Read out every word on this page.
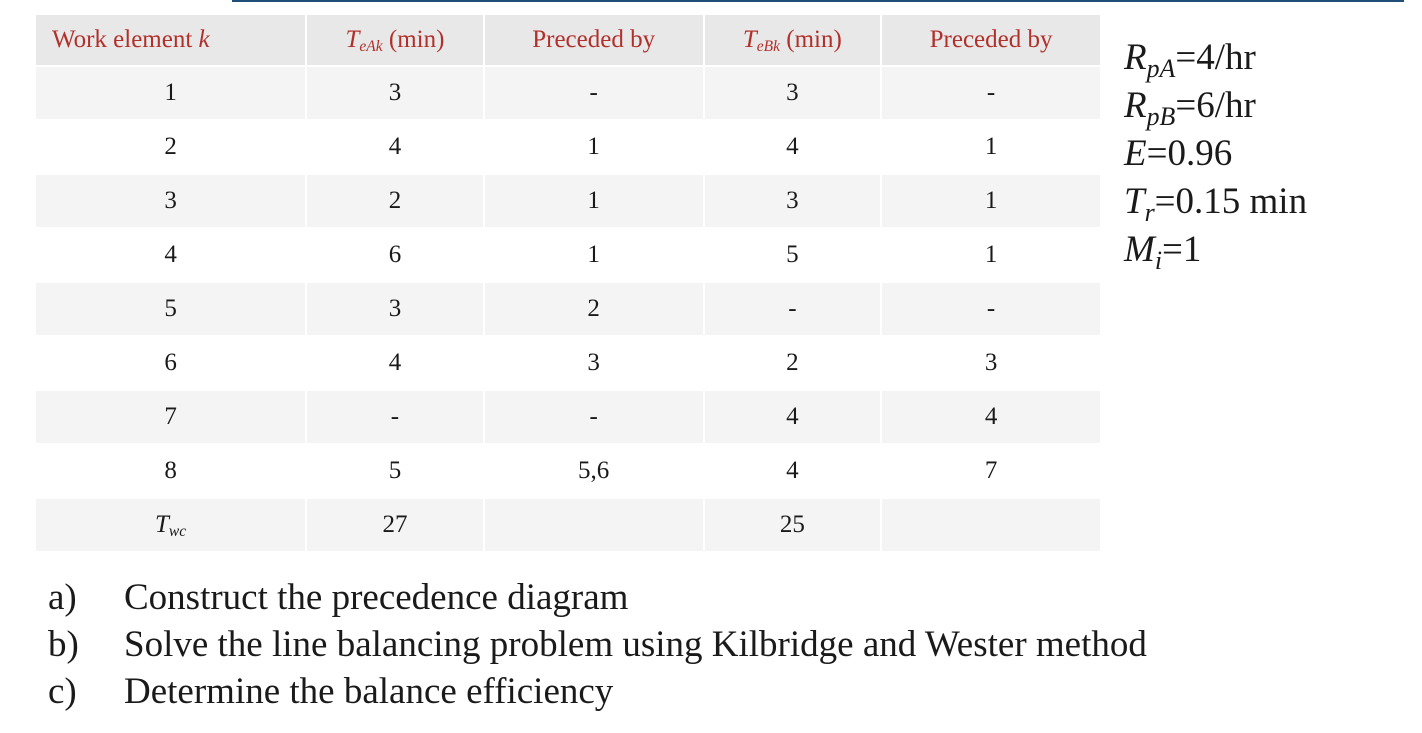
Work element k	$T_{eAk}$ (min)	Preceded by	$T_{eBk}$ (min)	Preceded by
1	3	-	3	-
2	4	1	4	1
3	2	1	3	1
4	6	1	5	1
5	3	2	-	-
6	4	3	2	3
7	-	-	4	4
8	5	5,6	4	7
$T_{wc}$	27		25	
$R_{pA}=4/hr$
$R_{pB}=6/hr$
E=0.96
$T_r=0.15$ min
$M_i=1$
a)	Construct the precedence diagram
b)	Solve the line balancing problem using Kilbridge and Wester method
c)	Determine the balance efficiency
